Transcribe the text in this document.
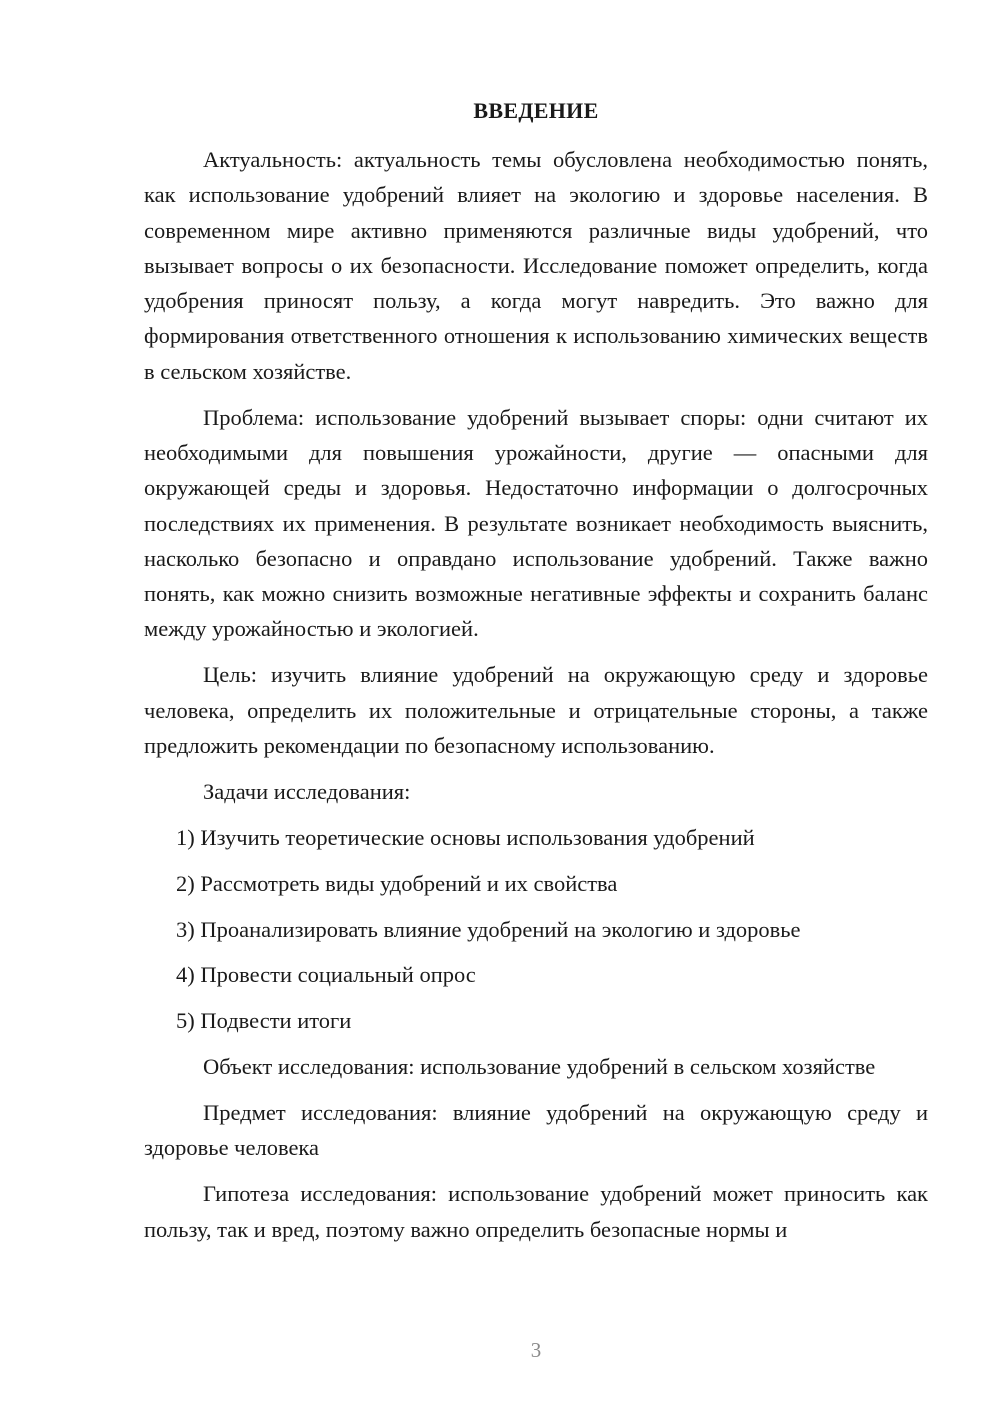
ВВЕДЕНИЕ

Актуальность: актуальность темы обусловлена необходимостью понять, как использование удобрений влияет на экологию и здоровье населения. В современном мире активно применяются различные виды удобрений, что вызывает вопросы о их безопасности. Исследование поможет определить, когда удобрения приносят пользу, а когда могут навредить. Это важно для формирования ответственного отношения к использованию химических веществ в сельском хозяйстве.

Проблема: использование удобрений вызывает споры: одни считают их необходимыми для повышения урожайности, другие — опасными для окружающей среды и здоровья. Недостаточно информации о долгосрочных последствиях их применения. В результате возникает необходимость выяснить, насколько безопасно и оправдано использование удобрений. Также важно понять, как можно снизить возможные негативные эффекты и сохранить баланс между урожайностью и экологией.

Цель: изучить влияние удобрений на окружающую среду и здоровье человека, определить их положительные и отрицательные стороны, а также предложить рекомендации по безопасному использованию.

Задачи исследования:

1) Изучить теоретические основы использования удобрений

2) Рассмотреть виды удобрений и их свойства

3) Проанализировать влияние удобрений на экологию и здоровье

4) Провести социальный опрос

5) Подвести итоги

Объект исследования: использование удобрений в сельском хозяйстве

Предмет исследования: влияние удобрений на окружающую среду и здоровье человека

Гипотеза исследования: использование удобрений может приносить как пользу, так и вред, поэтому важно определить безопасные нормы и

3
